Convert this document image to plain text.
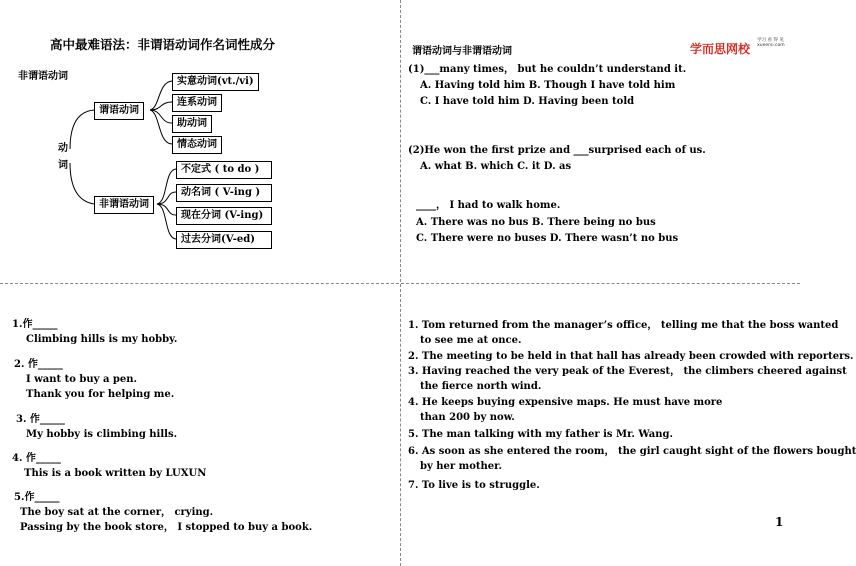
高中最难语法：非谓语动词作名词性成分
非谓语动词
动
词
谓语动词
实意动词(vt./vi)
连系动词
助动词
情态动词
非谓语动词
不定式 ( to do )
动名词 ( V-ing )
现在分词 (V-ing)
过去分词(V-ed)
学而思网校
学习 看 得 见
xueersi.com
谓语动词与非谓语动词
(1)___many times， but he couldn’t understand it.
A. Having told him B. Though I have told him
C. I have told him D. Having been told
(2)He won the first prize and ___surprised each of us.
A. what B. which C. it D. as
____， I had to walk home.
A. There was no bus B. There being no bus
C. There were no buses D. There wasn’t no bus
1.作_____
Climbing hills is my hobby.
2. 作_____
I want to buy a pen.
Thank you for helping me.
3. 作_____
My hobby is climbing hills.
4. 作_____
This is a book written by LUXUN
5.作_____
The boy sat at the corner， crying.
Passing by the book store， I stopped to buy a book.
1. Tom returned from the manager’s office， telling me that the boss wanted
to see me at once.
2. The meeting to be held in that hall has already been crowded with reporters.
3. Having reached the very peak of the Everest， the climbers cheered against
the fierce north wind.
4. He keeps buying expensive maps. He must have more
than 200 by now.
5. The man talking with my father is Mr. Wang.
6. As soon as she entered the room， the girl caught sight of the flowers bought
by her mother.
7. To live is to struggle.
1
